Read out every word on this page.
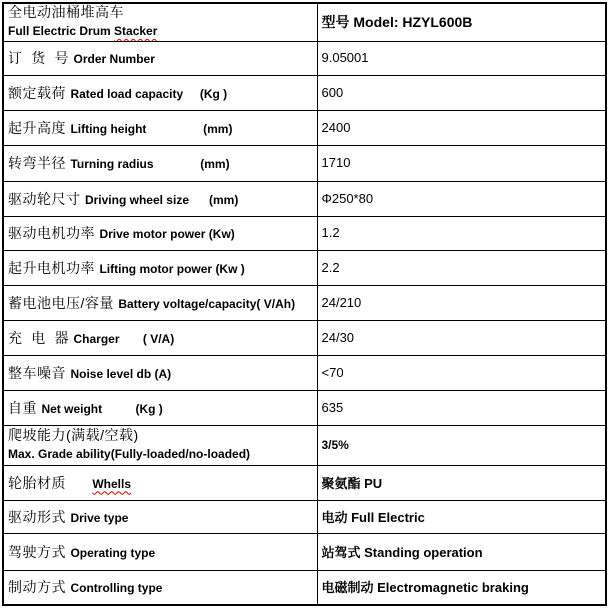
全电动油桶堆高车
Full Electric Drum Stacker	型号 Model: HZYL600B
订  货  号 Order Number	9.05001
额定载荷 Rated load capacity     (Kg )	600
起升高度 Lifting height                 (mm)	2400
转弯半径 Turning radius              (mm)	1710
驱动轮尺寸 Driving wheel size      (mm)	Φ250*80
驱动电机功率 Drive motor power (Kw)	1.2
起升电机功率 Lifting motor power (Kw )	2.2
蓄电池电压/容量 Battery voltage/capacity( V/Ah)	24/210
充  电  器 Charger       ( V/A)	24/30
整车噪音 Noise level db (A)	<70
自重 Net weight          (Kg )	635

爬坡能力(满载/空载)
Max. Grade ability(Fully-loaded/no-loaded)	3/5%
轮胎材质      Whells	聚氨酯 PU
驱动形式 Drive type	电动 Full Electric
驾驶方式 Operating type	站驾式 Standing operation
制动方式 Controlling type	电磁制动 Electromagnetic braking
